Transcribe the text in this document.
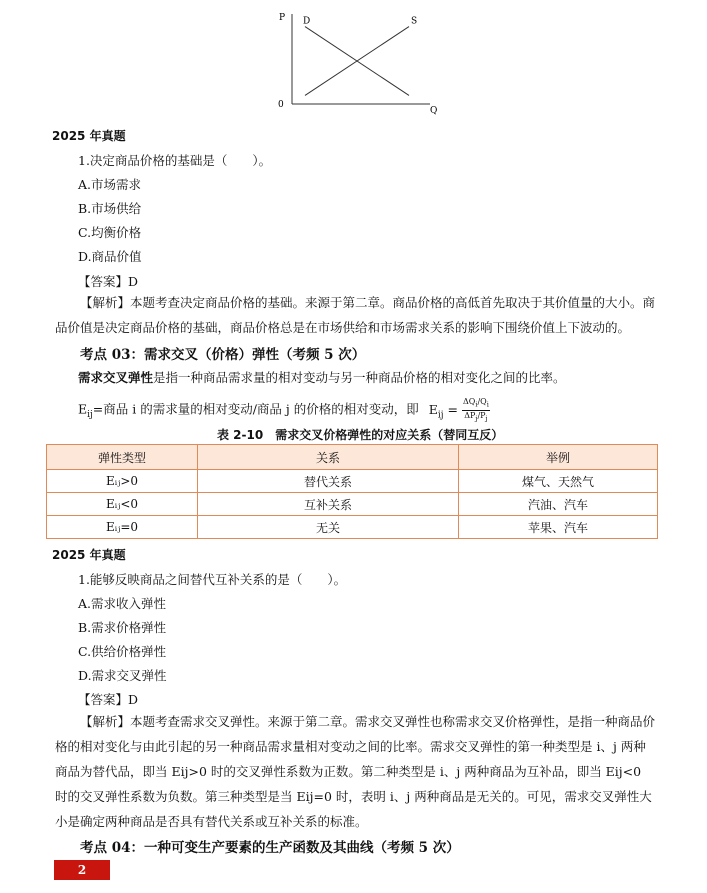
P
Q
0
D	S
2025 年真题
1.决定商品价格的基础是（　　）。
A.市场需求
B.市场供给
C.均衡价格
D.商品价值
【答案】D
【解析】本题考查决定商品价格的基础。来源于第二章。商品价格的高低首先取决于其价值量的大小。商品价值是决定商品价格的基础，商品价格总是在市场供给和市场需求关系的影响下围绕价值上下波动的。
考点 03：需求交叉（价格）弹性（考频 5 次）
需求交叉弹性是指一种商品需求量的相对变动与另一种商品价格的相对变化之间的比率。
$E_{ij}=$商品 i 的需求量的相对变动/商品 j 的价格的相对变动，即 $E_{ij}$ =
$\Delta Q_i/Q_i$
$\Delta P_j/P_j$
表 2-10　需求交叉价格弹性的对应关系（替同互反）
弹性类型	关系	举例
Eᵢⱼ>0	替代关系	煤气、天然气
Eᵢⱼ<0	互补关系	汽油、汽车
Eᵢⱼ=0	无关	苹果、汽车
2025 年真题
1.能够反映商品之间替代互补关系的是（　　）。
A.需求收入弹性
B.需求价格弹性
C.供给价格弹性
D.需求交叉弹性
【答案】D
【解析】本题考查需求交叉弹性。来源于第二章。需求交叉弹性也称需求交叉价格弹性，是指一种商品价格的相对变化与由此引起的另一种商品需求量相对变动之间的比率。需求交叉弹性的第一种类型是 i、j 两种商品为替代品，即当 Eij>0 时的交叉弹性系数为正数。第二种类型是 i、j 两种商品为互补品，即当 Eij<0 时的交叉弹性系数为负数。第三种类型是当 Eij=0 时，表明 i、j 两种商品是无关的。可见，需求交叉弹性大小是确定两种商品是否具有替代关系或互补关系的标准。
考点 04：一种可变生产要素的生产函数及其曲线（考频 5 次）
2
